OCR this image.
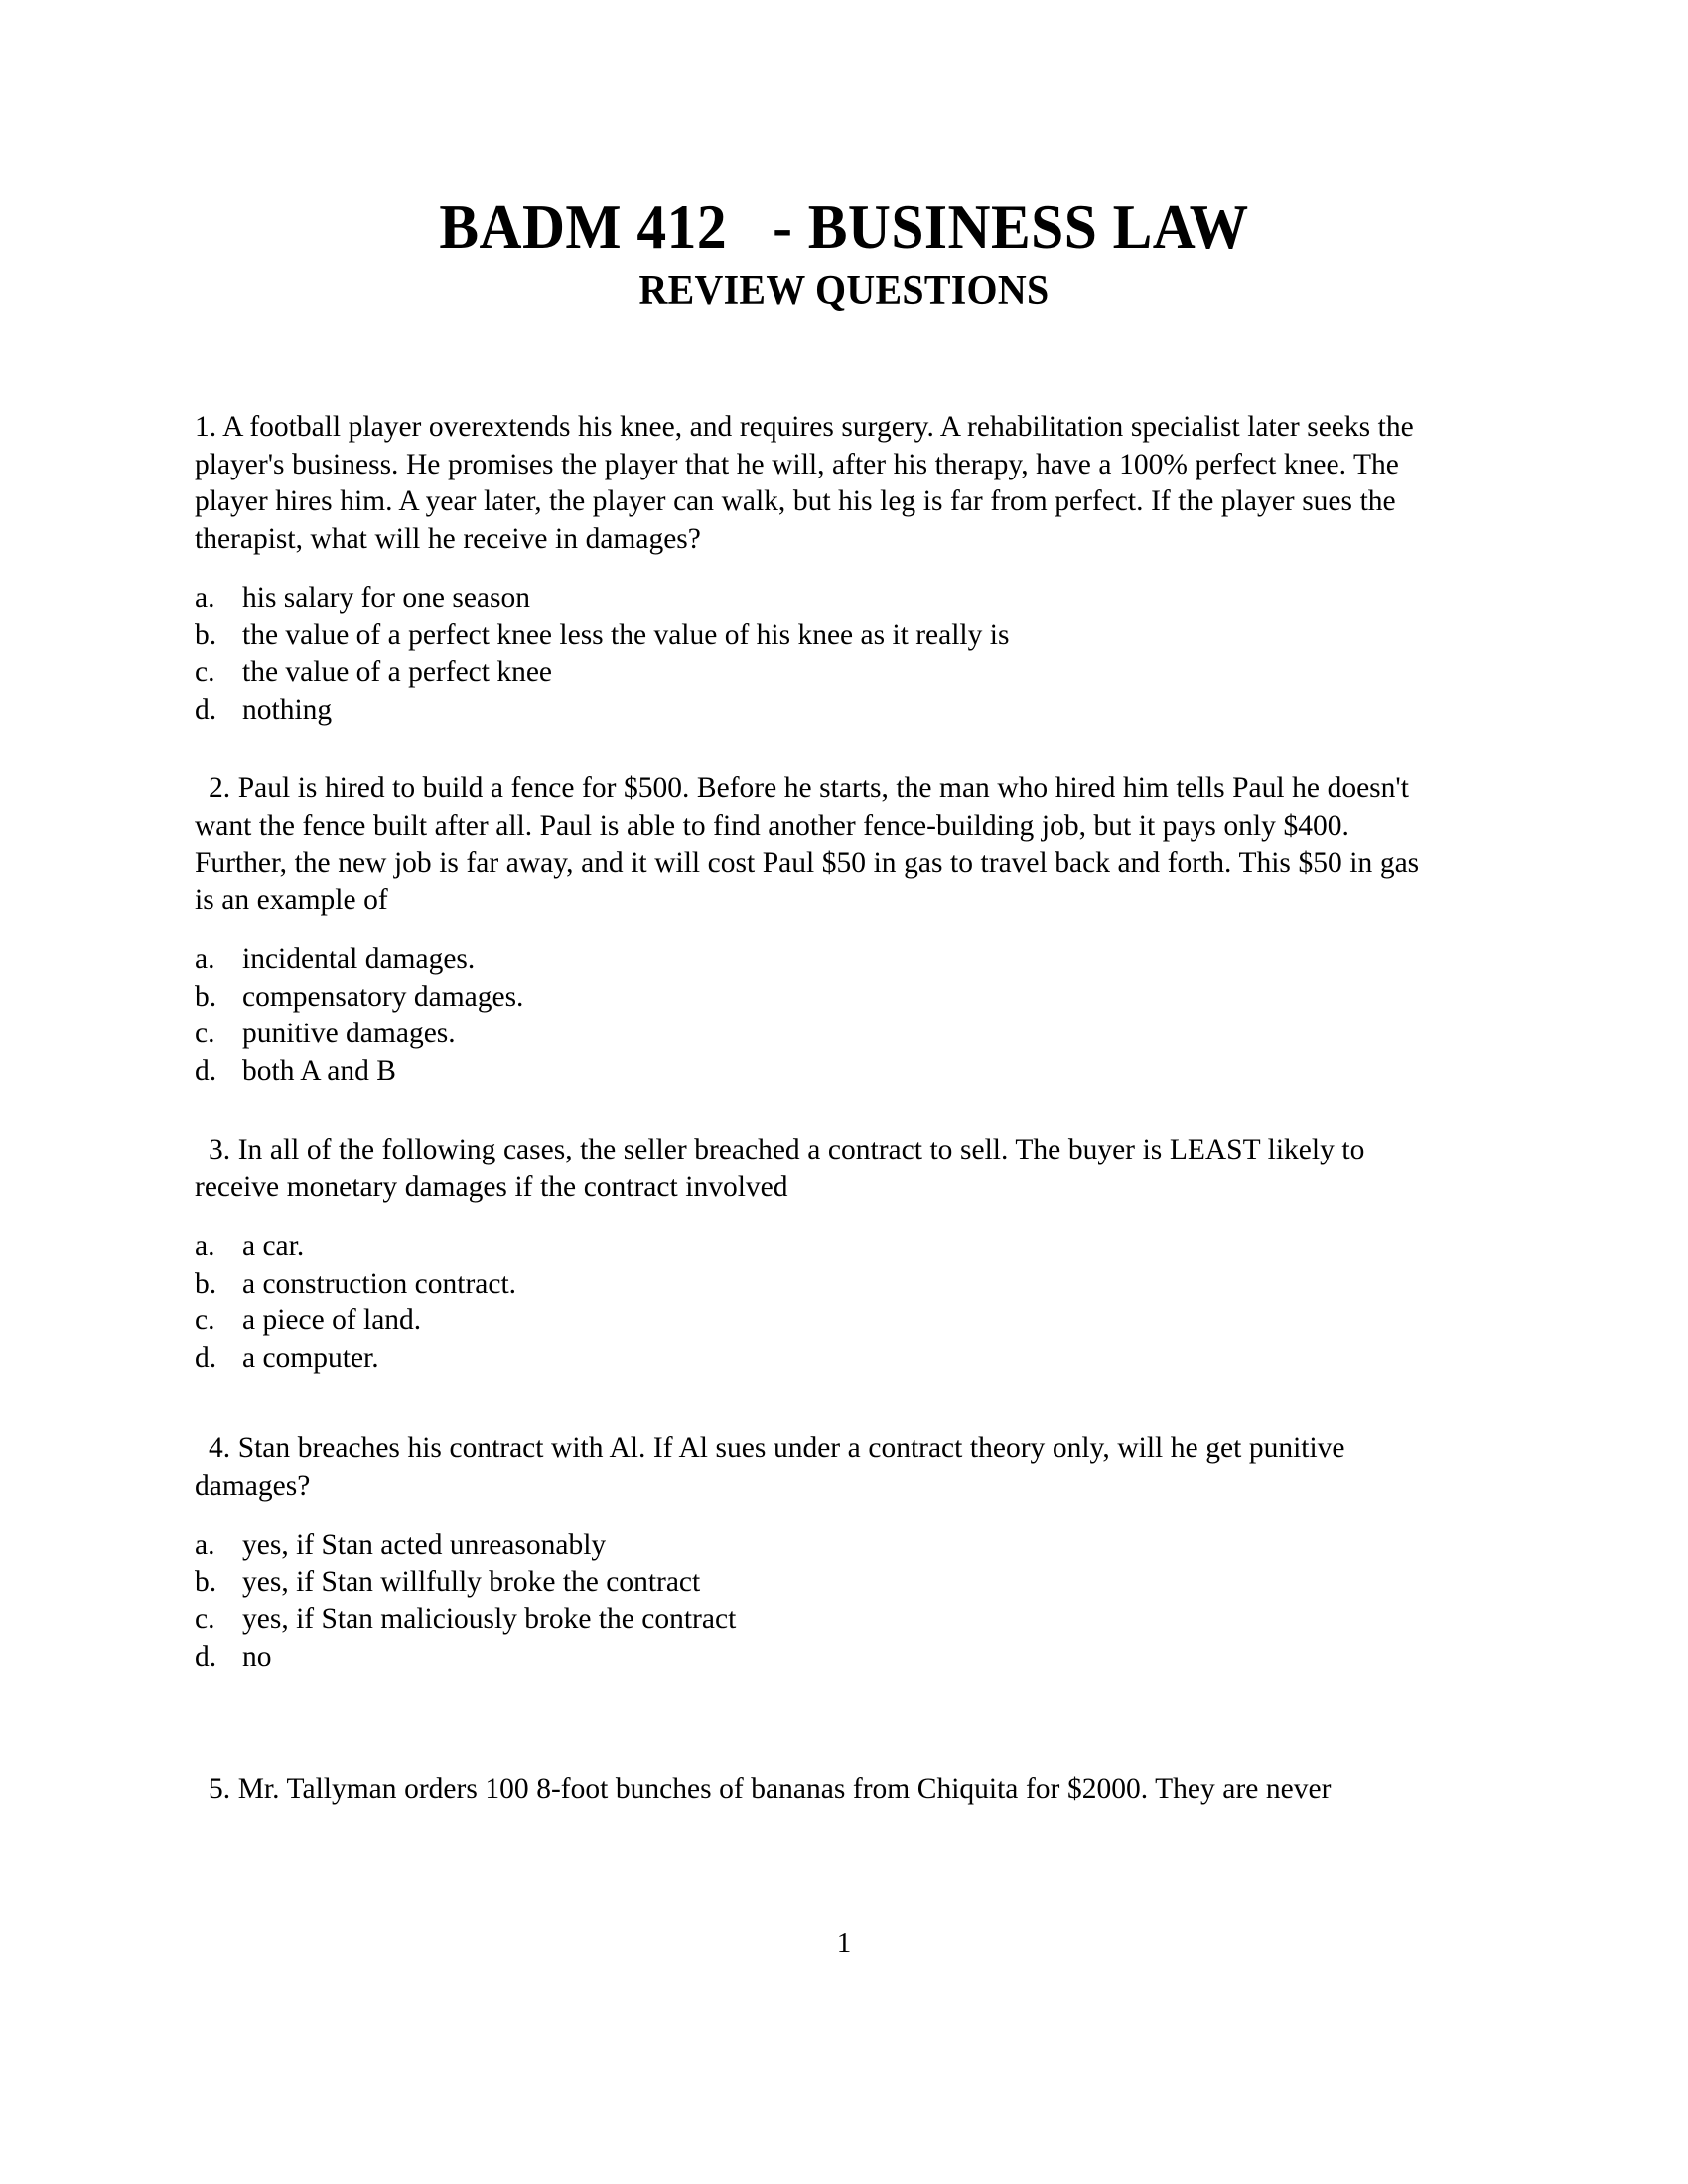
BADM 412   - BUSINESS LAW
REVIEW QUESTIONS
1. A football player overextends his knee, and requires surgery. A rehabilitation specialist later seeks the player's business. He promises the player that he will, after his therapy, have a 100% perfect knee. The player hires him. A year later, the player can walk, but his leg is far from perfect. If the player sues the therapist, what will he receive in damages?
a. his salary for one season
b. the value of a perfect knee less the value of his knee as it really is
c. the value of a perfect knee
d. nothing
2. Paul is hired to build a fence for $500. Before he starts, the man who hired him tells Paul he doesn't want the fence built after all. Paul is able to find another fence-building job, but it pays only $400. Further, the new job is far away, and it will cost Paul $50 in gas to travel back and forth. This $50 in gas is an example of
a. incidental damages.
b. compensatory damages.
c. punitive damages.
d. both A and B
3. In all of the following cases, the seller breached a contract to sell. The buyer is LEAST likely to receive monetary damages if the contract involved
a. a car.
b. a construction contract.
c. a piece of land.
d. a computer.
4. Stan breaches his contract with Al. If Al sues under a contract theory only, will he get punitive damages?
a. yes, if Stan acted unreasonably
b. yes, if Stan willfully broke the contract
c. yes, if Stan maliciously broke the contract
d. no
5. Mr. Tallyman orders 100 8-foot bunches of bananas from Chiquita for $2000. They are never
1
